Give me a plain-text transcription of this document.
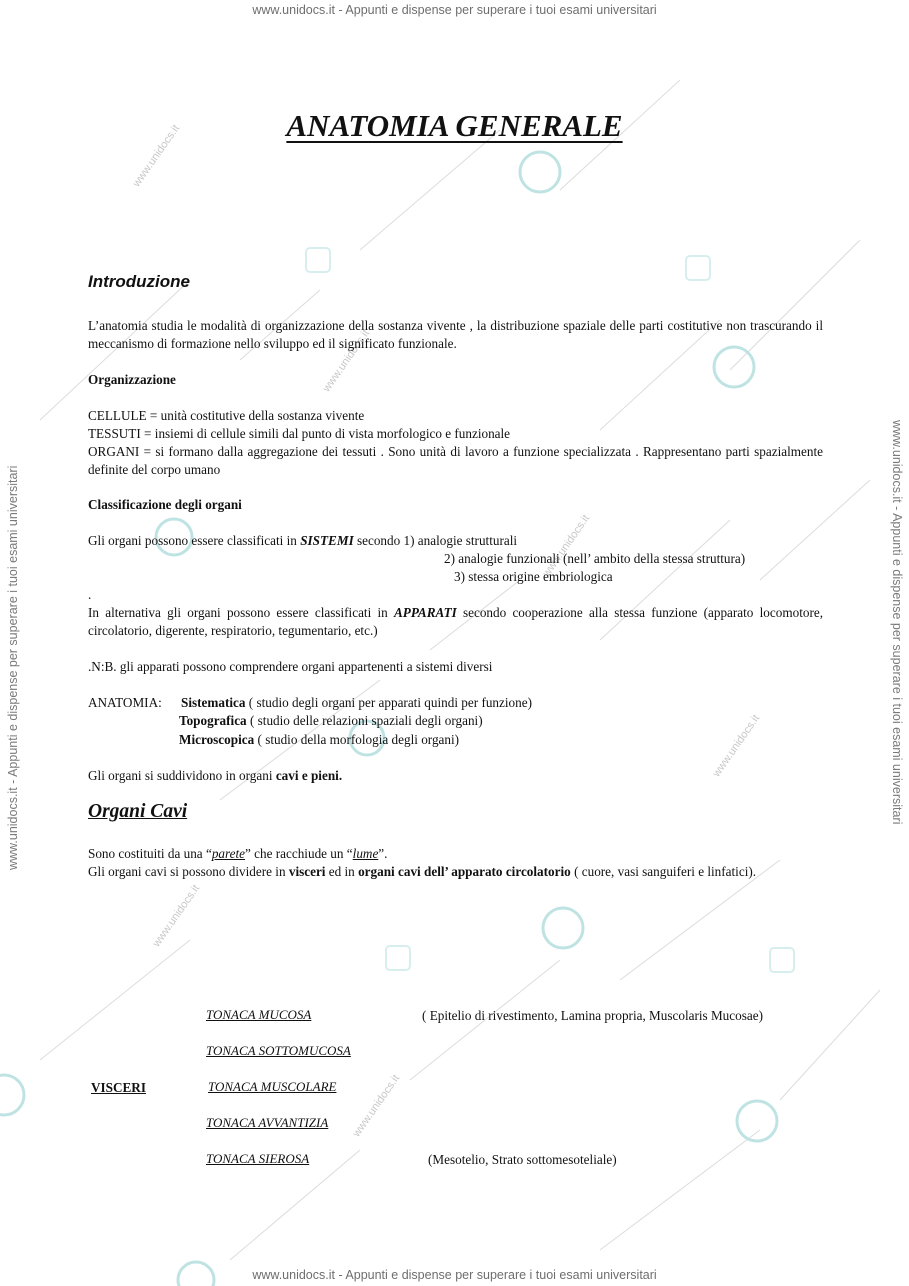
www.unidocs.it
www.unidocs.it
www.unidocs.it
www.unidocs.it
www.unidocs.it
www.unidocs.it
www.unidocs.it - Appunti e dispense per superare i tuoi esami universitari
www.unidocs.it - Appunti e dispense per superare i tuoi esami universitari
www.unidocs.it - Appunti e dispense per superare i tuoi esami universitari	www.unidocs.it - Appunti e dispense per superare i tuoi esami universitari
ANATOMIA GENERALE
Introduzione
L’anatomia studia le modalità di organizzazione della sostanza vivente , la distribuzione spaziale delle parti costitutive non trascurando il meccanismo di formazione nello sviluppo ed il significato funzionale.
Organizzazione
CELLULE = unità costitutive della sostanza vivente
TESSUTI = insiemi di cellule simili dal punto di vista morfologico e funzionale
ORGANI = si formano dalla aggregazione dei tessuti . Sono unità di lavoro a funzione specializzata . Rappresentano parti spazialmente definite del corpo umano
Classificazione degli organi
Gli organi possono essere classificati in SISTEMI secondo 1) analogie strutturali
2) analogie funzionali (nell’ ambito della stessa struttura)
3) stessa origine embriologica
.
In alternativa gli organi possono essere classificati in APPARATI secondo cooperazione alla stessa funzione (apparato locomotore, circolatorio, digerente, respiratorio, tegumentario, etc.)
.N:B. gli apparati possono comprendere organi appartenenti a sistemi diversi
ANATOMIA: Sistematica ( studio degli organi per apparati quindi per funzione)
Topografica ( studio delle relazioni spaziali degli organi)
Microscopica ( studio della morfologia degli organi)
Gli organi si suddividono in organi cavi e pieni.
Organi Cavi
Sono costituiti da una “parete” che racchiude un “lume”.
Gli organi cavi si possono dividere in visceri ed in organi cavi dell’ apparato circolatorio ( cuore, vasi sanguiferi e linfatici).
VISCERI
TONACA MUCOSA	( Epitelio di rivestimento, Lamina propria, Muscolaris Mucosae)
TONACA SOTTOMUCOSA
TONACA MUSCOLARE
TONACA AVVANTIZIA
TONACA SIEROSA	(Mesotelio, Strato sottomesoteliale)
